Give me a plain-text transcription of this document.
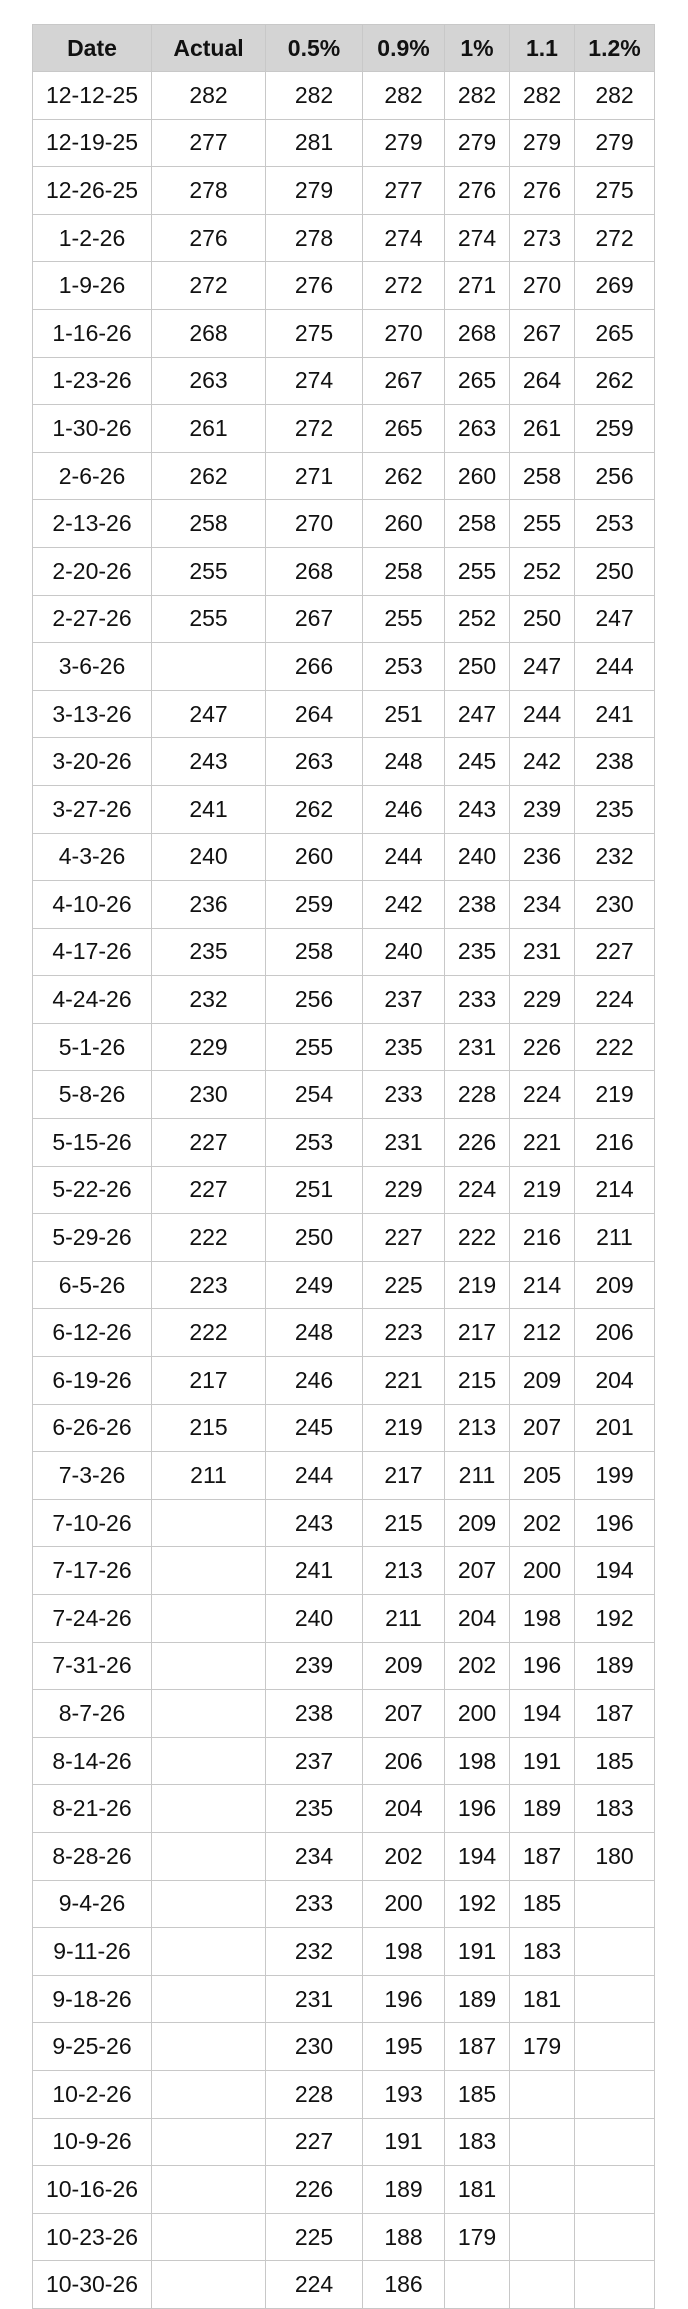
Date	Actual	0.5%	0.9%	1%	1.1	1.2%
12-12-25	282	282	282	282	282	282
12-19-25	277	281	279	279	279	279
12-26-25	278	279	277	276	276	275
1-2-26	276	278	274	274	273	272
1-9-26	272	276	272	271	270	269
1-16-26	268	275	270	268	267	265
1-23-26	263	274	267	265	264	262
1-30-26	261	272	265	263	261	259
2-6-26	262	271	262	260	258	256
2-13-26	258	270	260	258	255	253
2-20-26	255	268	258	255	252	250
2-27-26	255	267	255	252	250	247
3-6-26		266	253	250	247	244
3-13-26	247	264	251	247	244	241
3-20-26	243	263	248	245	242	238
3-27-26	241	262	246	243	239	235
4-3-26	240	260	244	240	236	232
4-10-26	236	259	242	238	234	230
4-17-26	235	258	240	235	231	227
4-24-26	232	256	237	233	229	224
5-1-26	229	255	235	231	226	222
5-8-26	230	254	233	228	224	219
5-15-26	227	253	231	226	221	216
5-22-26	227	251	229	224	219	214
5-29-26	222	250	227	222	216	211
6-5-26	223	249	225	219	214	209
6-12-26	222	248	223	217	212	206
6-19-26	217	246	221	215	209	204
6-26-26	215	245	219	213	207	201
7-3-26	211	244	217	211	205	199
7-10-26		243	215	209	202	196
7-17-26		241	213	207	200	194
7-24-26		240	211	204	198	192
7-31-26		239	209	202	196	189
8-7-26		238	207	200	194	187
8-14-26		237	206	198	191	185
8-21-26		235	204	196	189	183
8-28-26		234	202	194	187	180
9-4-26		233	200	192	185	
9-11-26		232	198	191	183	
9-18-26		231	196	189	181	
9-25-26		230	195	187	179	
10-2-26		228	193	185		
10-9-26		227	191	183		
10-16-26		226	189	181		
10-23-26		225	188	179		
10-30-26		224	186			
